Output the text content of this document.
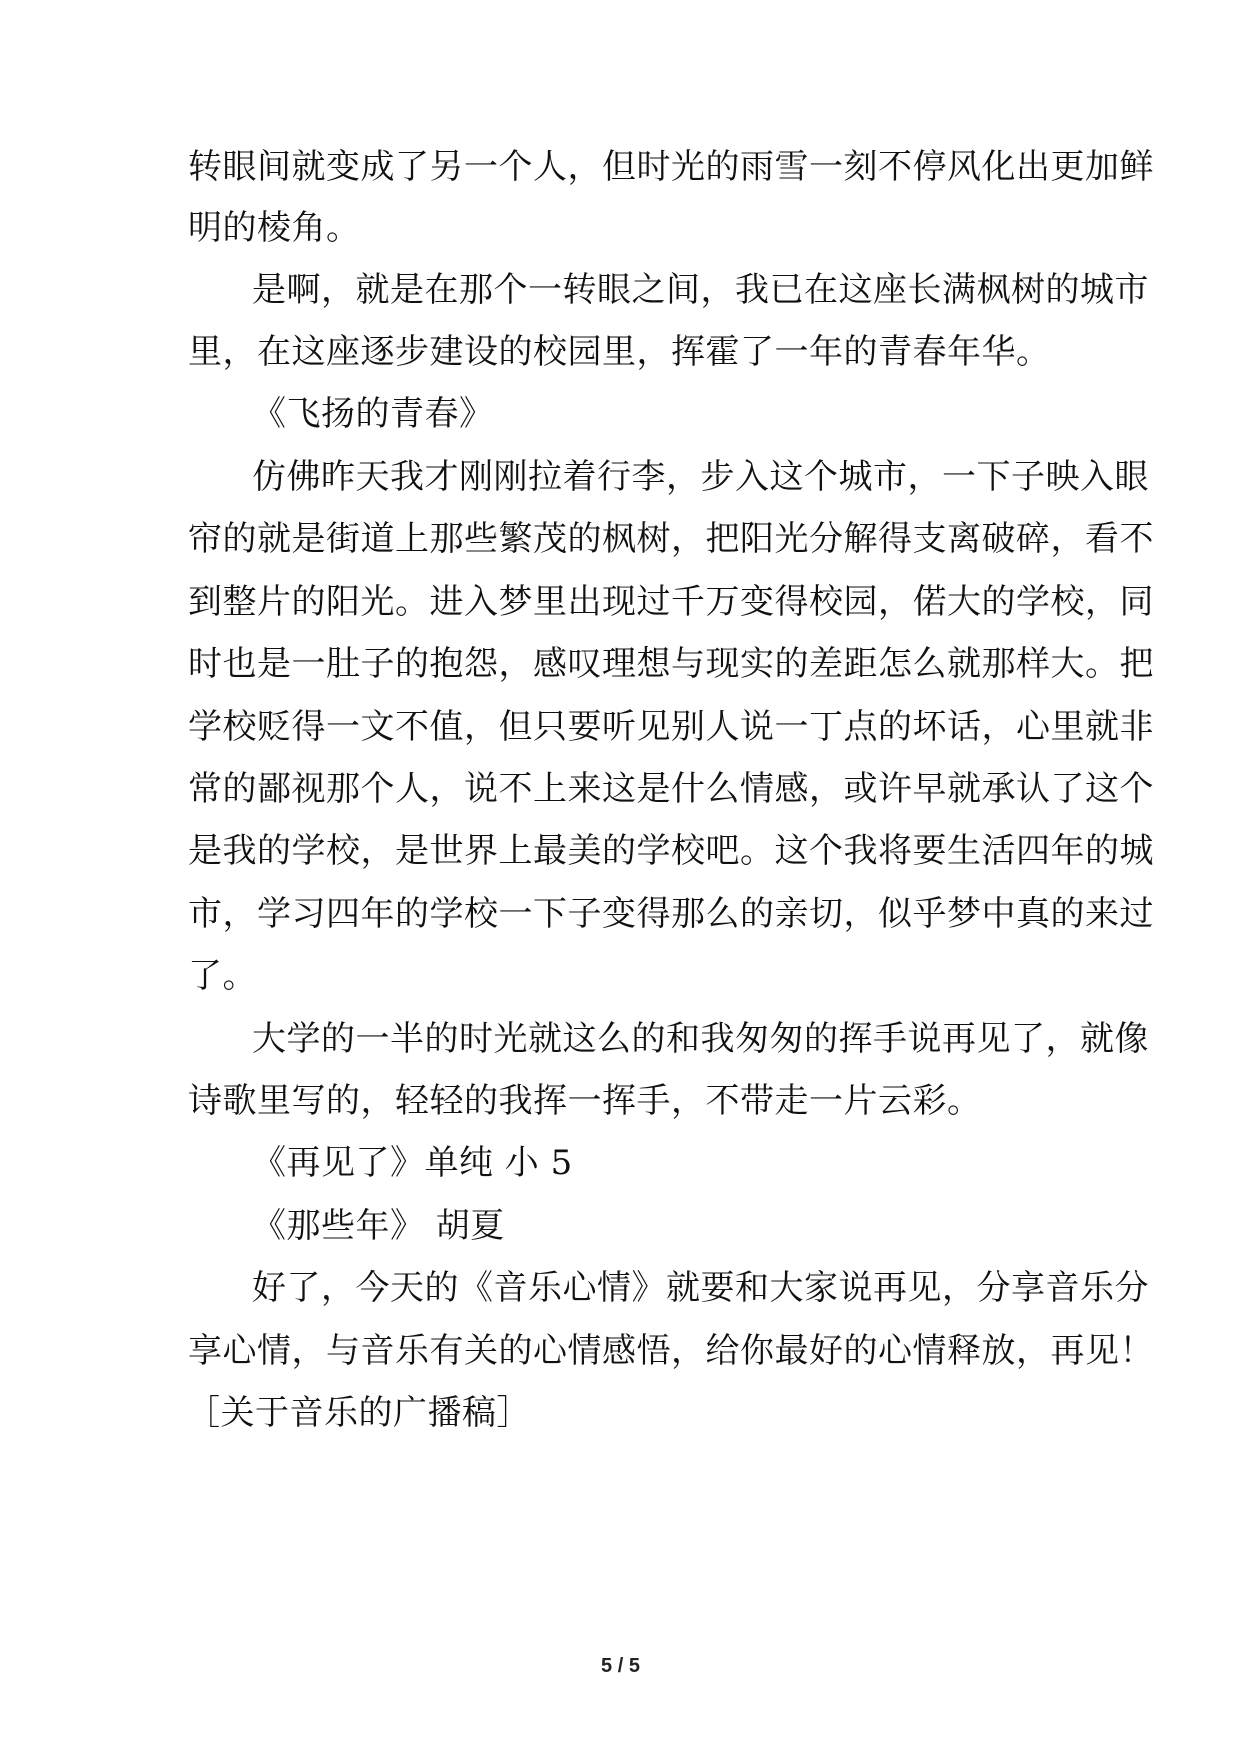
转眼间就变成了另一个人，但时光的雨雪一刻不停风化出更加鲜
明的棱角。
是啊，就是在那个一转眼之间，我已在这座长满枫树的城市
里，在这座逐步建设的校园里，挥霍了一年的青春年华。
《飞扬的青春》
仿佛昨天我才刚刚拉着行李，步入这个城市，一下子映入眼
帘的就是街道上那些繁茂的枫树，把阳光分解得支离破碎，看不
到整片的阳光。进入梦里出现过千万变得校园，偌大的学校，同
时也是一肚子的抱怨，感叹理想与现实的差距怎么就那样大。把
学校贬得一文不值，但只要听见别人说一丁点的坏话，心里就非
常的鄙视那个人，说不上来这是什么情感，或许早就承认了这个
是我的学校，是世界上最美的学校吧。这个我将要生活四年的城
市，学习四年的学校一下子变得那么的亲切，似乎梦中真的来过
了。
大学的一半的时光就这么的和我匆匆的挥手说再见了，就像
诗歌里写的，轻轻的我挥一挥手，不带走一片云彩。
《再见了》单纯 小 5
《那些年》 胡夏
好了，今天的《音乐心情》就要和大家说再见，分享音乐分
享心情，与音乐有关的心情感悟，给你最好的心情释放，再见！
［关于音乐的广播稿］
5 / 5
